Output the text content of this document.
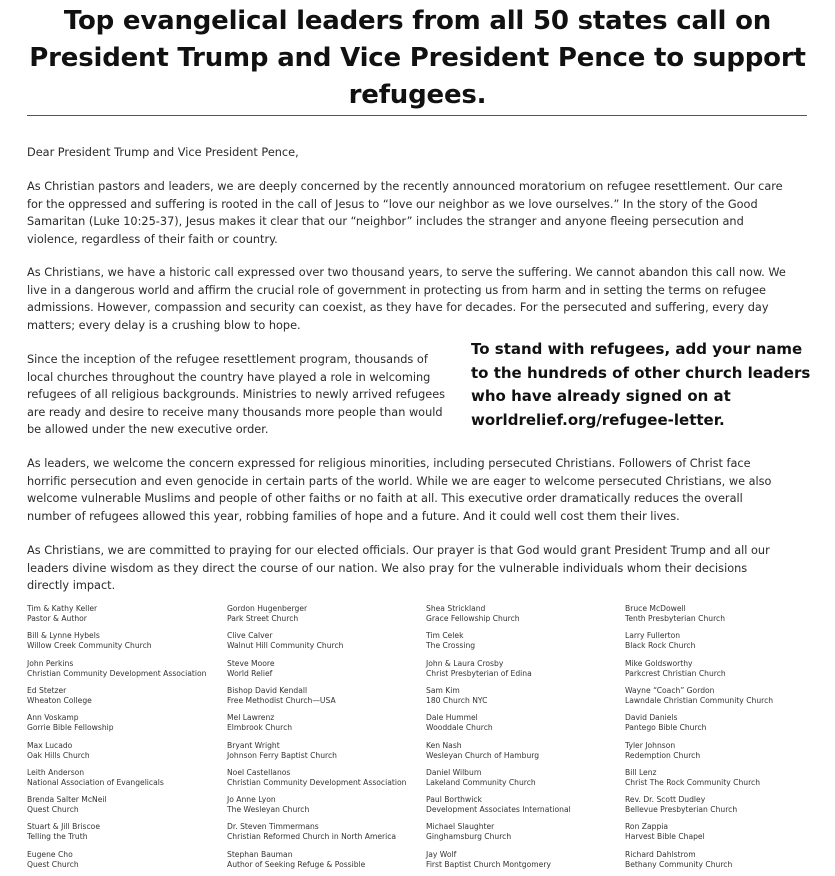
Top evangelical leaders from all 50 states call on President Trump and Vice President Pence to support refugees.

Dear President Trump and Vice President Pence,

As Christian pastors and leaders, we are deeply concerned by the recently announced moratorium on refugee resettlement. Our care for the oppressed and suffering is rooted in the call of Jesus to “love our neighbor as we love ourselves.” In the story of the Good Samaritan (Luke 10:25-37), Jesus makes it clear that our “neighbor” includes the stranger and anyone fleeing persecution and violence, regardless of their faith or country.

As Christians, we have a historic call expressed over two thousand years, to serve the suffering. We cannot abandon this call now. We live in a dangerous world and affirm the crucial role of government in protecting us from harm and in setting the terms on refugee admissions. However, compassion and security can coexist, as they have for decades. For the persecuted and suffering, every day matters; every delay is a crushing blow to hope.

Since the inception of the refugee resettlement program, thousands of local churches throughout the country have played a role in welcoming refugees of all religious backgrounds. Ministries to newly arrived refugees are ready and desire to receive many thousands more people than would be allowed under the new executive order.

As leaders, we welcome the concern expressed for religious minorities, including persecuted Christians. Followers of Christ face horrific persecution and even genocide in certain parts of the world. While we are eager to welcome persecuted Christians, we also welcome vulnerable Muslims and people of other faiths or no faith at all. This executive order dramatically reduces the overall number of refugees allowed this year, robbing families of hope and a future. And it could well cost them their lives.

As Christians, we are committed to praying for our elected officials. Our prayer is that God would grant President Trump and all our leaders divine wisdom as they direct the course of our nation. We also pray for the vulnerable individuals whom their decisions directly impact.

To stand with refugees, add your name to the hundreds of other church leaders who have already signed on at worldrelief.org/refugee-letter.

Tim & Kathy Keller
Pastor & Author
Bill & Lynne Hybels
Willow Creek Community Church
John Perkins
Christian Community Development Association
Ed Stetzer
Wheaton College
Ann Voskamp
Gorrie Bible Fellowship
Max Lucado
Oak Hills Church
Leith Anderson
National Association of Evangelicals
Brenda Salter McNeil
Quest Church
Stuart & Jill Briscoe
Telling the Truth
Eugene Cho
Quest Church
Gordon Hugenberger
Park Street Church
Clive Calver
Walnut Hill Community Church
Steve Moore
World Relief
Bishop David Kendall
Free Methodist Church—USA
Mel Lawrenz
Elmbrook Church
Bryant Wright
Johnson Ferry Baptist Church
Noel Castellanos
Christian Community Development Association
Jo Anne Lyon
The Wesleyan Church
Dr. Steven Timmermans
Christian Reformed Church in North America
Stephan Bauman
Author of Seeking Refuge & Possible
Shea Strickland
Grace Fellowship Church
Tim Celek
The Crossing
John & Laura Crosby
Christ Presbyterian of Edina
Sam Kim
180 Church NYC
Dale Hummel
Wooddale Church
Ken Nash
Wesleyan Church of Hamburg
Daniel Wilburn
Lakeland Community Church
Paul Borthwick
Development Associates International
Michael Slaughter
Ginghamsburg Church
Jay Wolf
First Baptist Church Montgomery
Bruce McDowell
Tenth Presbyterian Church
Larry Fullerton
Black Rock Church
Mike Goldsworthy
Parkcrest Christian Church
Wayne “Coach” Gordon
Lawndale Christian Community Church
David Daniels
Pantego Bible Church
Tyler Johnson
Redemption Church
Bill Lenz
Christ The Rock Community Church
Rev. Dr. Scott Dudley
Bellevue Presbyterian Church
Ron Zappia
Harvest Bible Chapel
Richard Dahlstrom
Bethany Community Church
